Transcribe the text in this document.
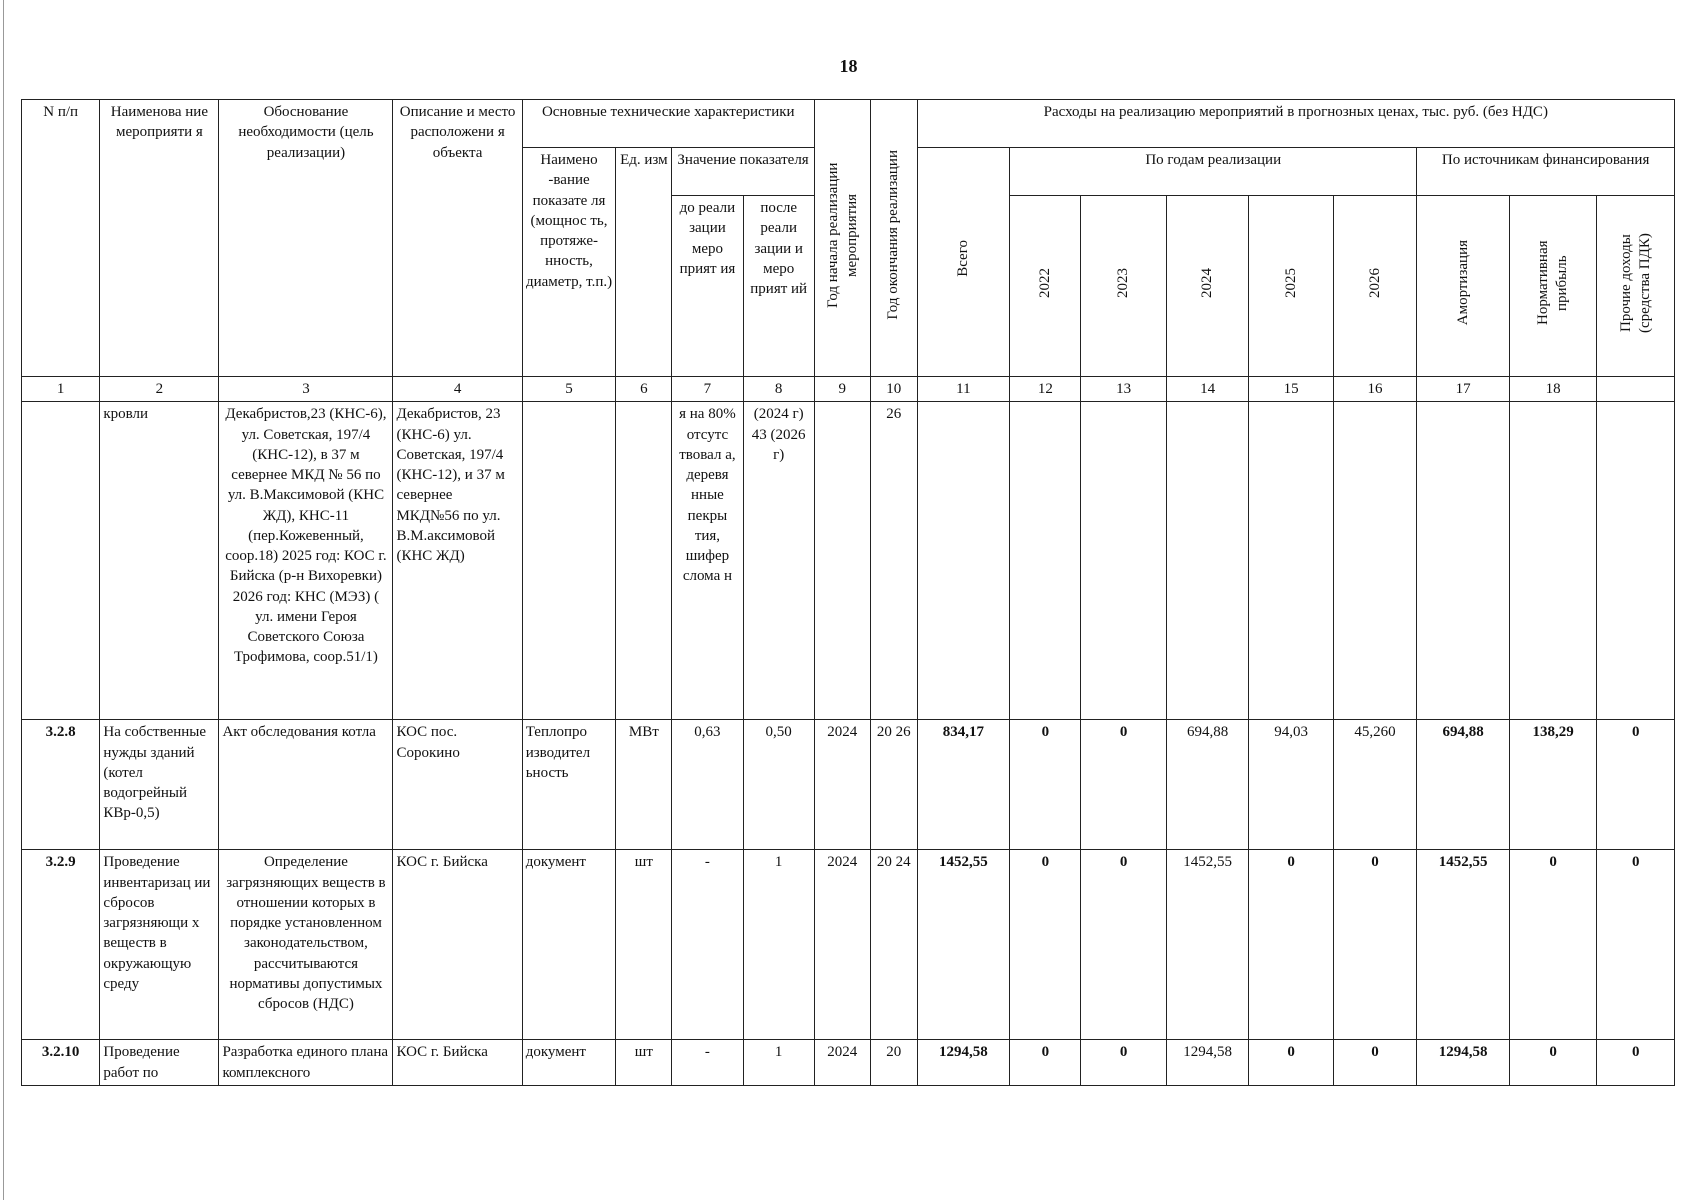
18
N п/п	Наименова ние мероприяти я	Обоснование необходимости (цель реализации)	Описание и место расположени я объекта	Основные технические характеристики				Год начала реализации мероприятия	Год окончания реализации	Расходы на реализацию мероприятий в прогнозных ценах, тыс. руб. (без НДС)								
				Наимено -вание показате ля (мощнос ть, протяже- нность, диаметр, т.п.)	Ед. изм	Значение показателя				Всего	По годам реализации					По источникам финансирования		
						до реали зации меро прият ия	после реали зации и меро прият ий				2022	2023	2024	2025	2026	Амортизация	Нормативная прибыль	Прочие доходы (средства ПДК)

1	2	3	4	5	6	7	8	9	10	11	12	13	14	15	16	17	18	
	кровли	Декабристов,23 (КНС-6), ул. Советская, 197/4 (КНС-12), в 37 м севернее МКД № 56 по ул. В.Максимовой (КНС ЖД), КНС-11 (пер.Кожевенный, соор.18) 2025 год: КОС г. Бийска (р-н Вихоревки) 2026 год: КНС (МЭЗ) ( ул. имени Героя Советского Союза Трофимова, соор.51/1)	Декабристов, 23 (КНС-6) ул. Советская, 197/4 (КНС-12), и 37 м севернее МКД№56 по ул. В.М.аксимовой (КНС ЖД)			я на 80% отсутс твовал а, деревя нные пекры тия, шифер слома н	(2024 г) 43 (2026 г)		26									
3.2.8	На собственные нужды зданий (котел водогрейный КВр-0,5)	Акт обследования котла	КОС пос. Сорокино	Теплопро изводител ьность	МВт	0,63	0,50	2024	20 26	834,17	0	0	694,88	94,03	45,260	694,88	138,29	0
3.2.9	Проведение инвентаризац ии сбросов загрязняющи х веществ в окружающую среду	Определение загрязняющих веществ в отношении которых в порядке установленном законодательством, рассчитываются нормативы допустимых сбросов (НДС)	КОС г. Бийска	документ	шт	-	1	2024	20 24	1452,55	0	0	1452,55	0	0	1452,55	0	0
3.2.10	Проведение работ по	Разработка единого плана комплексного	КОС г. Бийска	документ	шт	-	1	2024	20	1294,58	0	0	1294,58	0	0	1294,58	0	0
